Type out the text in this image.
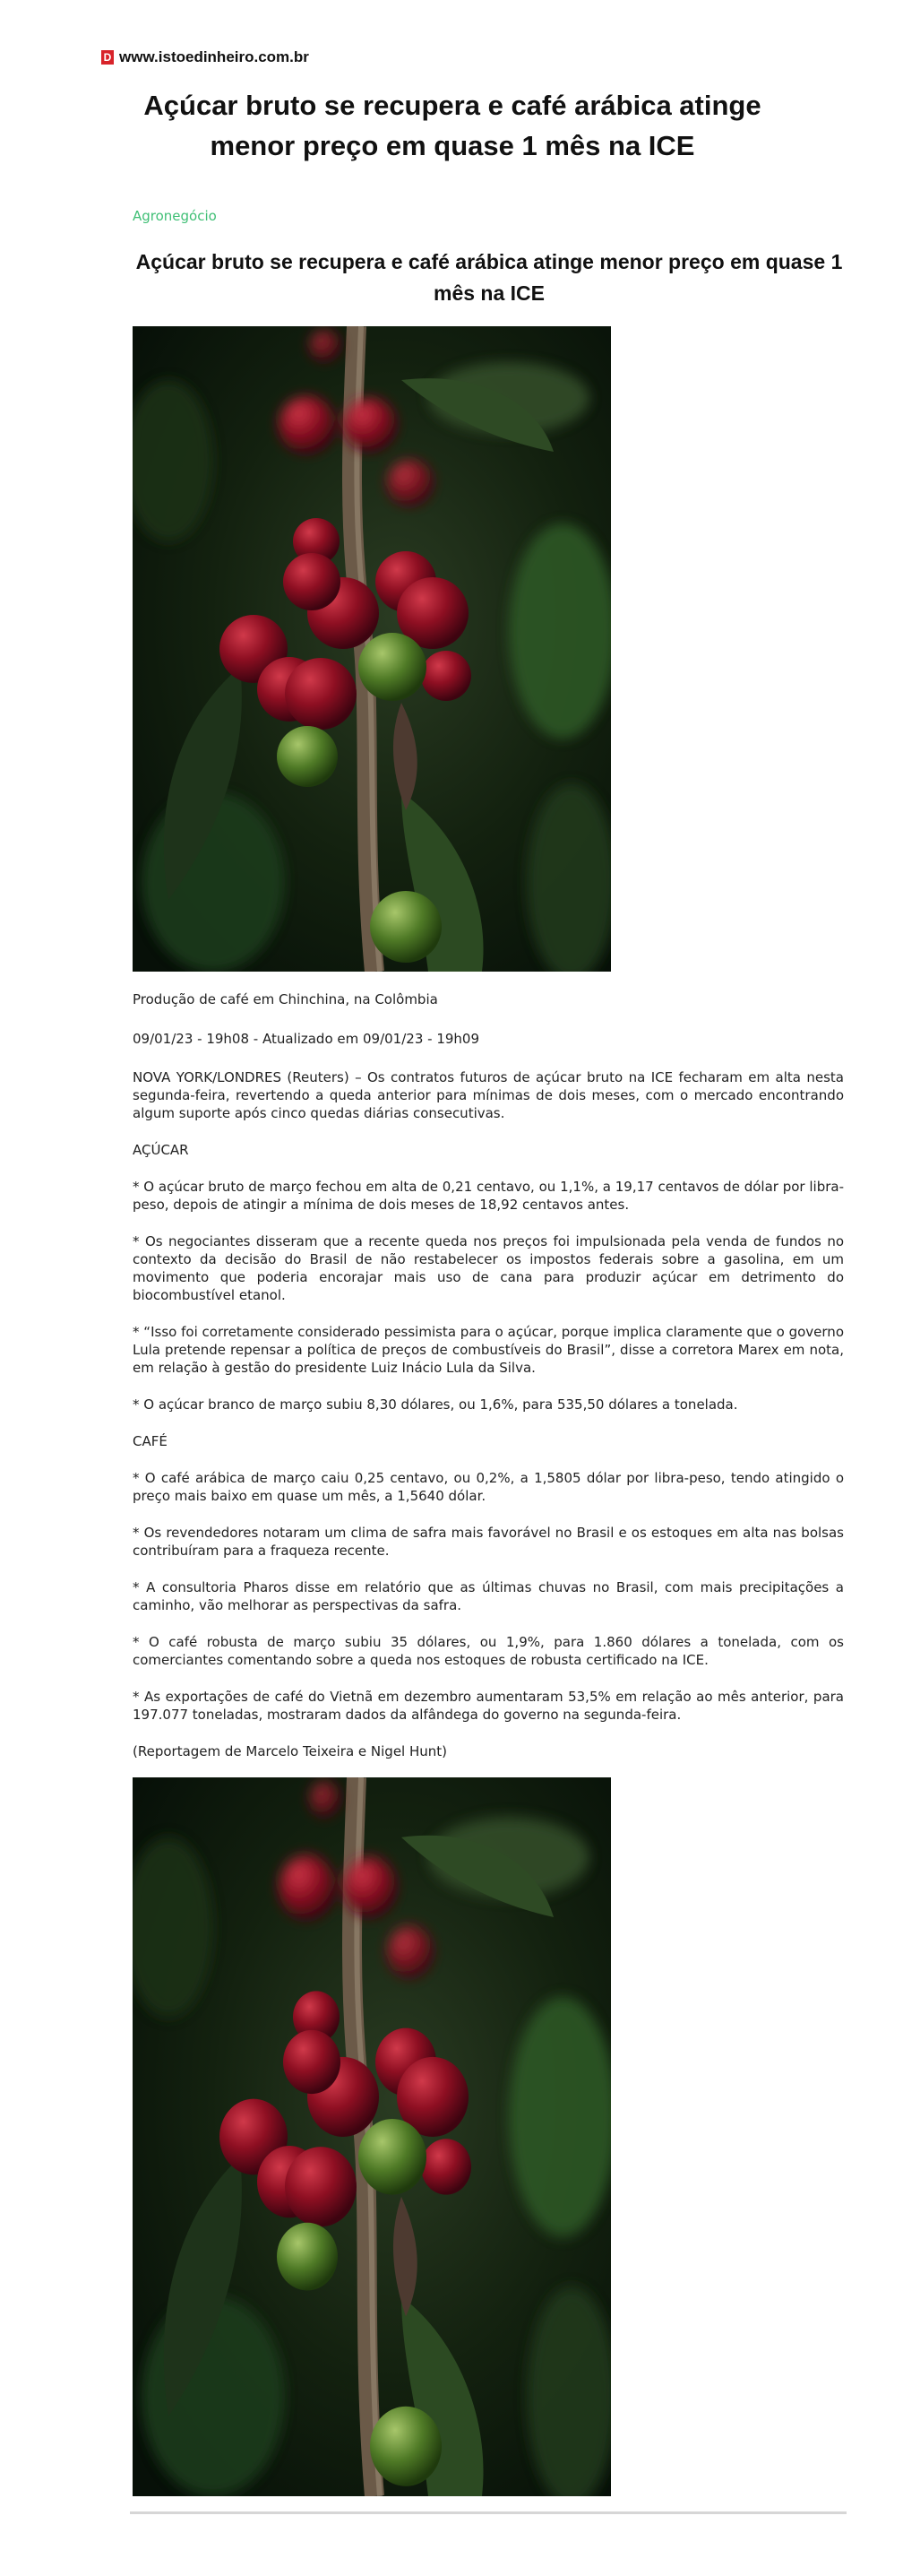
D www.istoedinheiro.com.br
Açúcar bruto se recupera e café arábica atinge menor preço em quase 1 mês na ICE
Agronegócio
Açúcar bruto se recupera e café arábica atinge menor preço em quase 1 mês na ICE
Produção de café em Chinchina, na Colômbia
09/01/23 - 19h08 - Atualizado em 09/01/23 - 19h09

NOVA YORK/LONDRES (Reuters) – Os contratos futuros de açúcar bruto na ICE fecharam em alta nesta segunda-feira, revertendo a queda anterior para mínimas de dois meses, com o mercado encontrando algum suporte após cinco quedas diárias consecutivas.

AÇÚCAR

* O açúcar bruto de março fechou em alta de 0,21 centavo, ou 1,1%, a 19,17 centavos de dólar por libra-peso, depois de atingir a mínima de dois meses de 18,92 centavos antes.

* Os negociantes disseram que a recente queda nos preços foi impulsionada pela venda de fundos no contexto da decisão do Brasil de não restabelecer os impostos federais sobre a gasolina, em um movimento que poderia encorajar mais uso de cana para produzir açúcar em detrimento do biocombustível etanol.

* “Isso foi corretamente considerado pessimista para o açúcar, porque implica claramente que o governo Lula pretende repensar a política de preços de combustíveis do Brasil”, disse a corretora Marex em nota, em relação à gestão do presidente Luiz Inácio Lula da Silva.

* O açúcar branco de março subiu 8,30 dólares, ou 1,6%, para 535,50 dólares a tonelada.

CAFÉ

* O café arábica de março caiu 0,25 centavo, ou 0,2%, a 1,5805 dólar por libra-peso, tendo atingido o preço mais baixo em quase um mês, a 1,5640 dólar.

* Os revendedores notaram um clima de safra mais favorável no Brasil e os estoques em alta nas bolsas contribuíram para a fraqueza recente.

* A consultoria Pharos disse em relatório que as últimas chuvas no Brasil, com mais precipitações a caminho, vão melhorar as perspectivas da safra.

* O café robusta de março subiu 35 dólares, ou 1,9%, para 1.860 dólares a tonelada, com os comerciantes comentando sobre a queda nos estoques de robusta certificado na ICE.

* As exportações de café do Vietnã em dezembro aumentaram 53,5% em relação ao mês anterior, para 197.077 toneladas, mostraram dados da alfândega do governo na segunda-feira.

(Reportagem de Marcelo Teixeira e Nigel Hunt)
